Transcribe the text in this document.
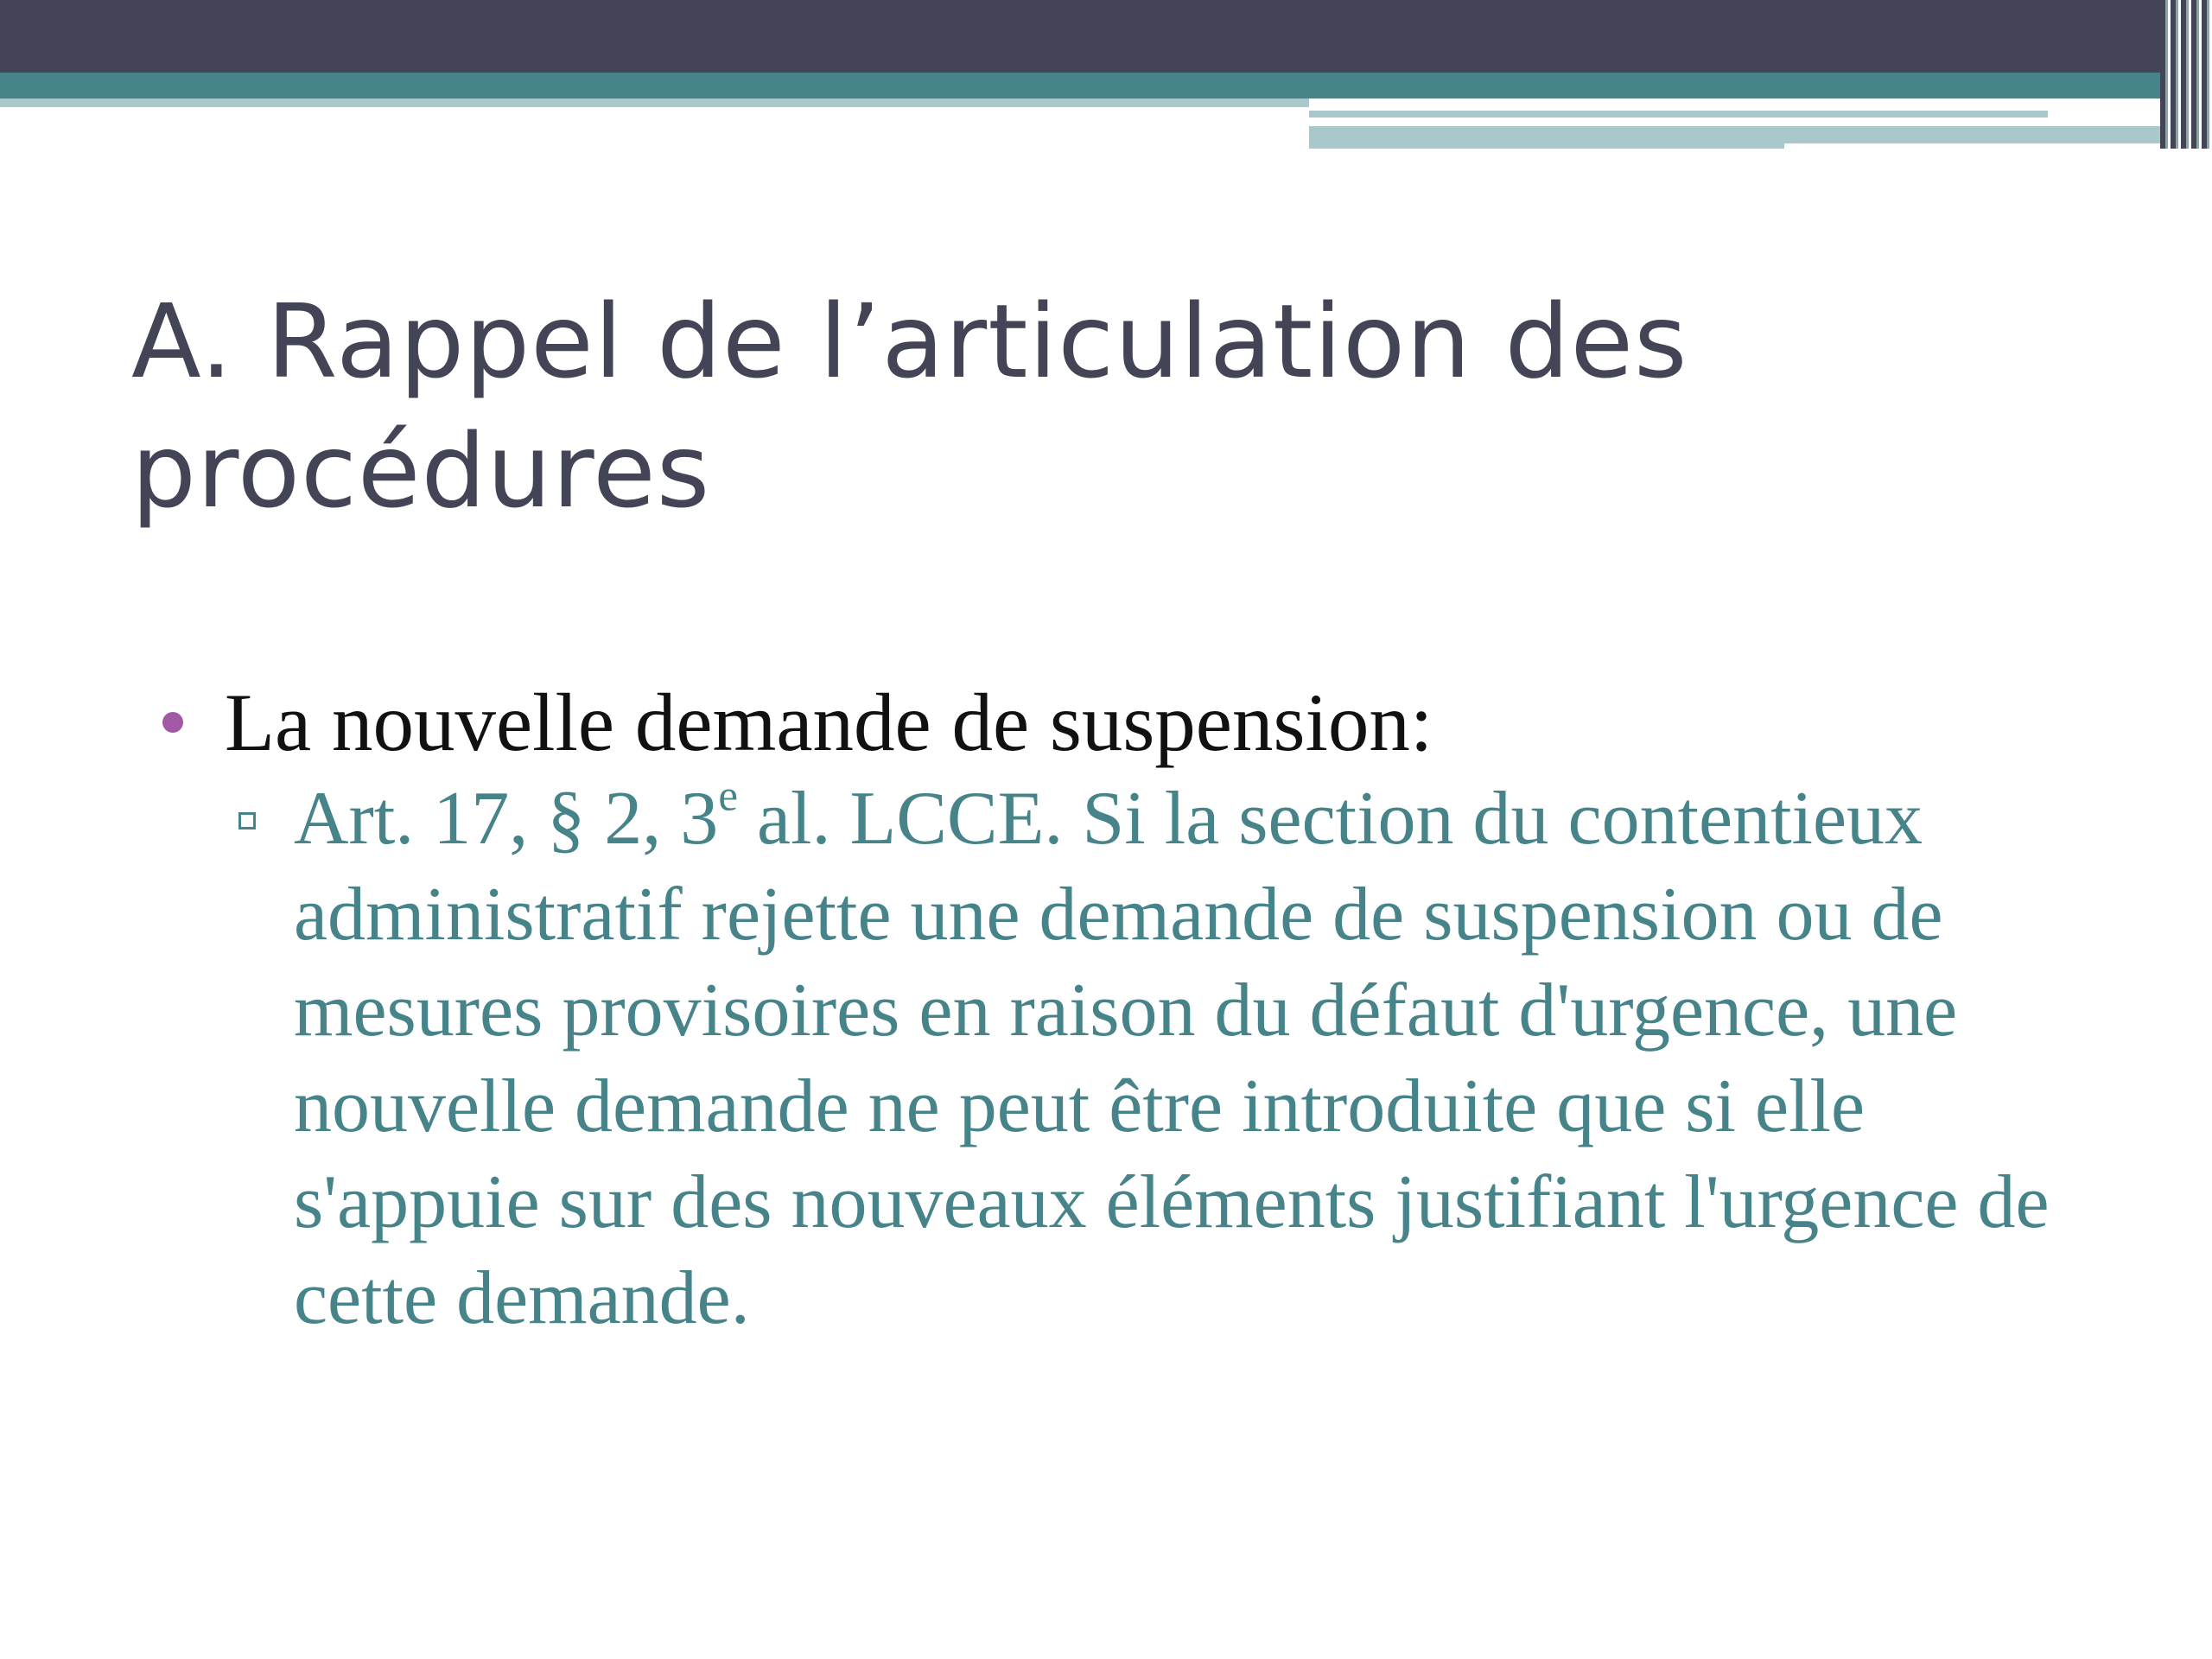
A. Rappel de l’articulation des procédures
La nouvelle demande de suspension:
Art. 17, § 2, 3e al. LCCE. Si la section du contentieux administratif rejette une demande de suspension ou de mesures provisoires en raison du défaut d'urgence, une nouvelle demande ne peut être introduite que si elle s'appuie sur des nouveaux éléments justifiant l'urgence de cette demande.
